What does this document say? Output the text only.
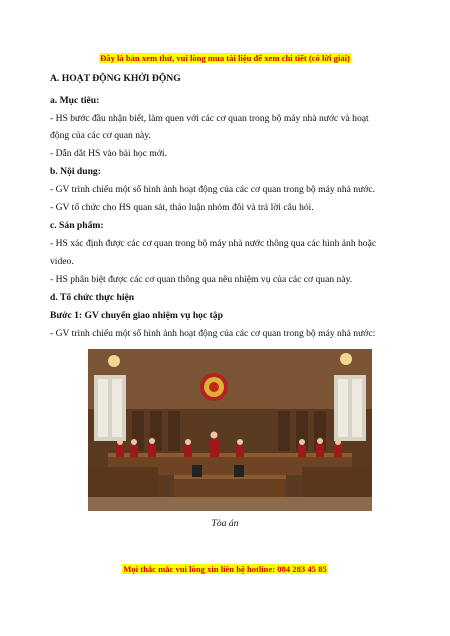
Đây là bản xem thử, vui lòng mua tài liệu để xem chi tiết (có lời giải)

A. HOẠT ĐỘNG KHỞI ĐỘNG

a. Mục tiêu:

- HS bước đầu nhận biết, làm quen với các cơ quan trong bộ máy nhà nước và hoạt

động của các cơ quan này.

- Dẫn dắt HS vào bài học mới.

b. Nội dung:

- GV trình chiếu một số hình ảnh hoạt động của các cơ quan trong bộ máy nhà nước.

- GV tổ chức cho HS quan sát, thảo luận nhóm đôi và trả lời câu hỏi.

c. Sản phẩm:

- HS xác định được các cơ quan trong bộ máy nhà nước thông qua các hình ảnh hoặc

video.

- HS phân biệt được các cơ quan thông qua nêu nhiệm vụ của các cơ quan này.

d. Tổ chức thực hiện

Bước 1: GV chuyển giao nhiệm vụ học tập

- GV trình chiếu một số hình ảnh hoạt động của các cơ quan trong bộ máy nhà nước:

Tòa án
Mọi thắc mắc vui lòng xin liên hệ hotline: 084 283 45 85
